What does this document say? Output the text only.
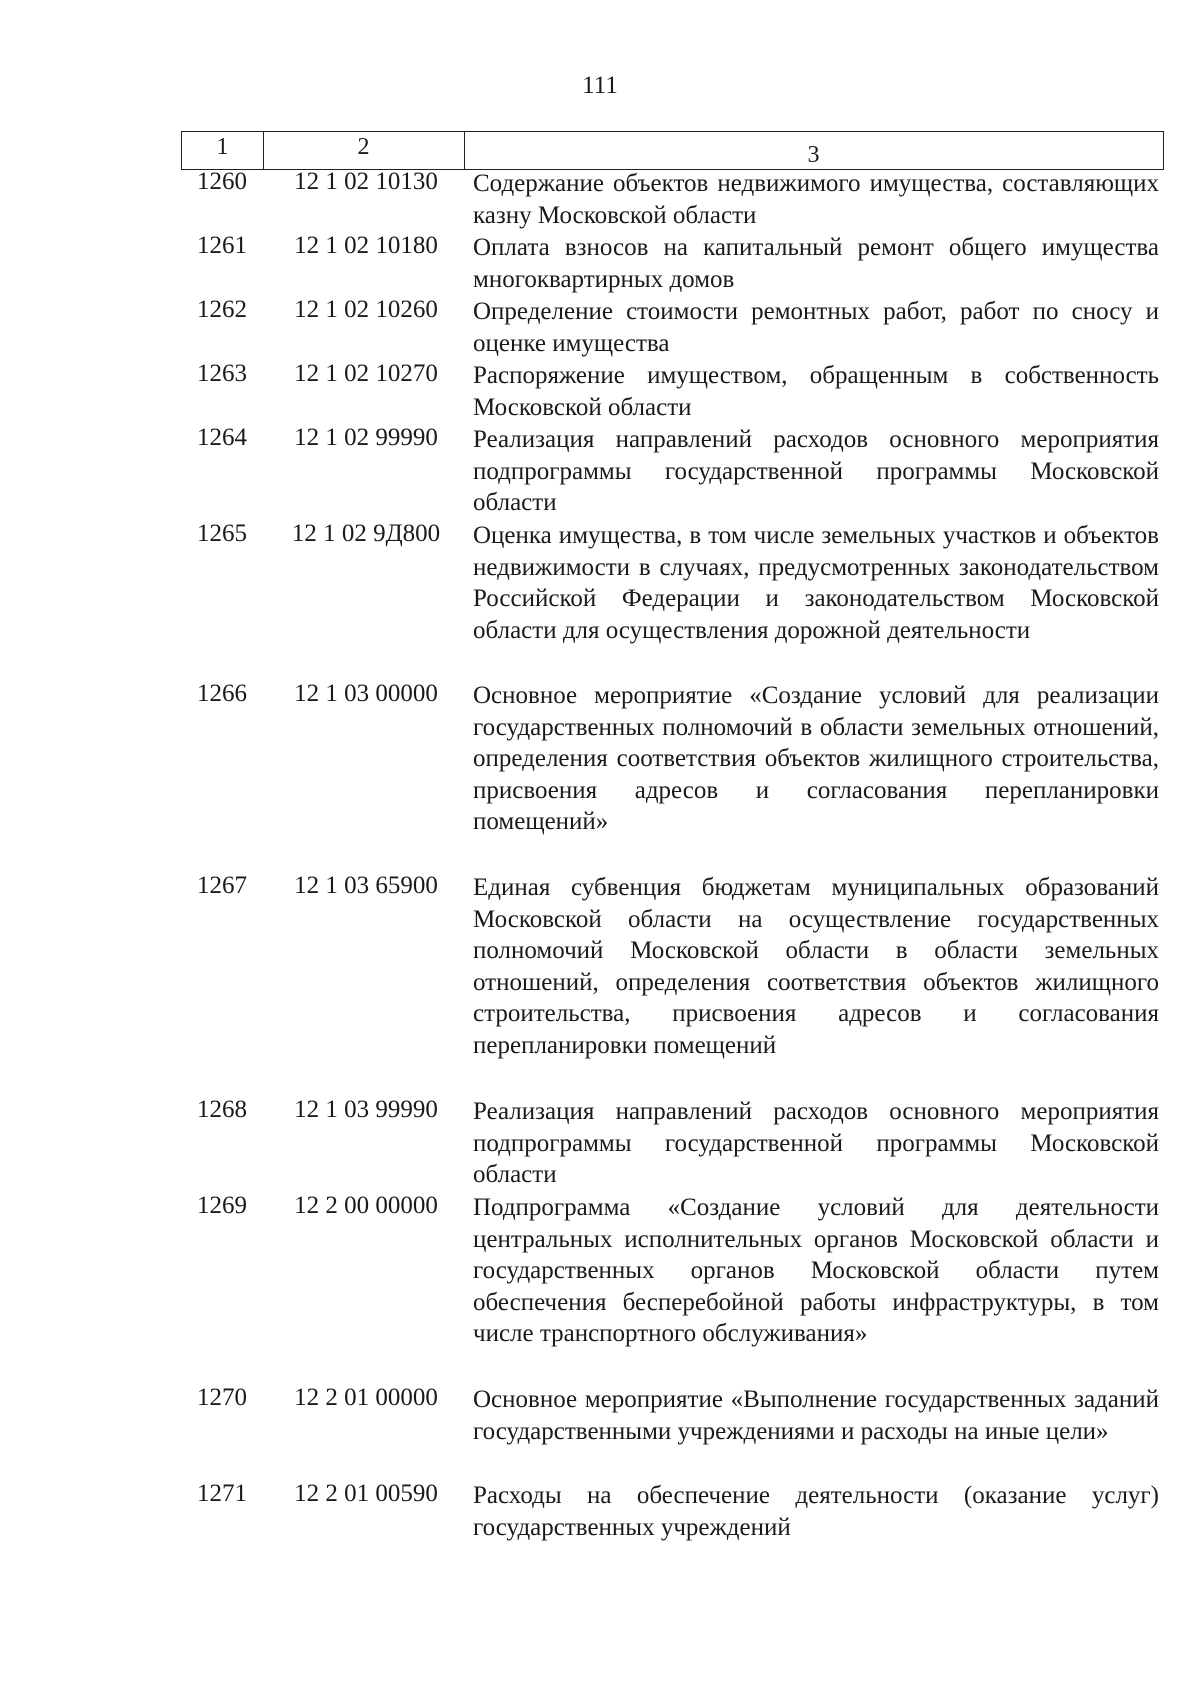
111
1	2	3
1260	12 1 02 10130	Содержание объектов недвижимого имущества, составляющих казну Московской области
1261	12 1 02 10180	Оплата взносов на капитальный ремонт общего имущества многоквартирных домов
1262	12 1 02 10260	Определение стоимости ремонтных работ, работ по сносу и оценке имущества
1263	12 1 02 10270	Распоряжение имуществом, обращенным в собственность Московской области
1264	12 1 02 99990	Реализация направлений расходов основного мероприятия подпрограммы государственной программы Московской области
1265	12 1 02 9Д800	Оценка имущества, в том числе земельных участков и объектов недвижимости в случаях, предусмотренных законодательством Российской Федерации и законодательством Московской области для осуществления дорожной деятельности
1266	12 1 03 00000	Основное мероприятие «Создание условий для реализации государственных полномочий в области земельных отношений, определения соответствия объектов жилищного строительства, присвоения адресов и согласования перепланировки помещений»
1267	12 1 03 65900	Единая субвенция бюджетам муниципальных образований Московской области на осуществление государственных полномочий Московской области в области земельных отношений, определения соответствия объектов жилищного строительства, присвоения адресов и согласования перепланировки помещений
1268	12 1 03 99990	Реализация направлений расходов основного мероприятия подпрограммы государственной программы Московской области
1269	12 2 00 00000	Подпрограмма «Создание условий для деятельности центральных исполнительных органов Московской области и государственных органов Московской области путем обеспечения бесперебойной работы инфраструктуры, в том числе транспортного обслуживания»
1270	12 2 01 00000	Основное мероприятие «Выполнение государственных заданий государственными учреждениями и расходы на иные цели»
1271	12 2 01 00590	Расходы на обеспечение деятельности (оказание услуг) государственных учреждений
